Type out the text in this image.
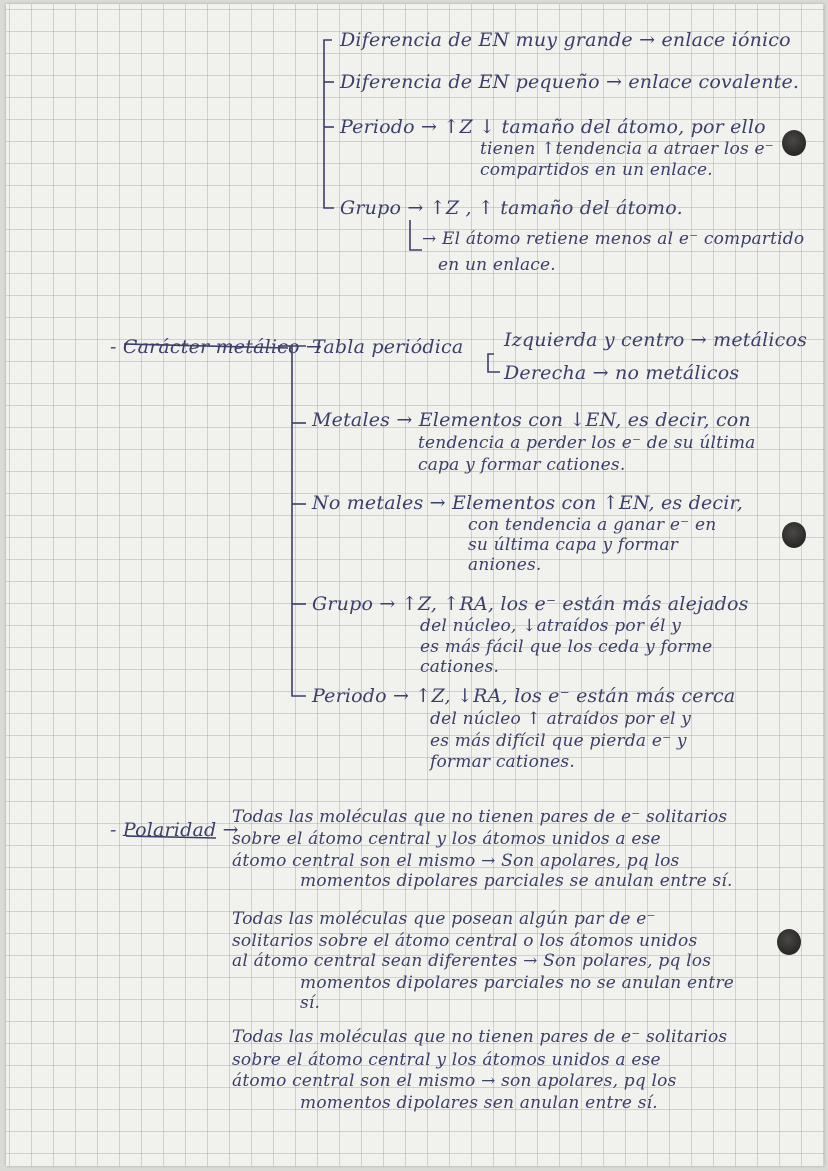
Diferencia de EN muy grande → enlace iónico
Diferencia de EN pequeño → enlace covalente.
Periodo → ↑Z ↓ tamaño del átomo, por ello
tienen ↑tendencia a atraer los e⁻
compartidos en un enlace.
Grupo → ↑Z , ↑ tamaño del átomo.
→ El átomo retiene menos al e⁻ compartido
en un enlace.
- Carácter metálico →
Tabla periódica Izquierda y centro → metálicos
Derecha → no metálicos
Metales → Elementos con ↓EN, es decir, con
tendencia a perder los e⁻ de su última
capa y formar cationes.
No metales → Elementos con ↑EN, es decir,
con tendencia a ganar e⁻ en
su última capa y formar
aniones.
Grupo → ↑Z, ↑RA, los e⁻ están más alejados
del núcleo, ↓atraídos por él y
es más fácil que los ceda y forme
cationes.
Periodo → ↑Z, ↓RA, los e⁻ están más cerca
del núcleo ↑ atraídos por el y
es más difícil que pierda e⁻ y
formar cationes.
- Polaridad →
Todas las moléculas que no tienen pares de e⁻ solitarios
sobre el átomo central y los átomos unidos a ese
átomo central son el mismo → Son apolares, pq los
momentos dipolares parciales se anulan entre sí.
Todas las moléculas que posean algún par de e⁻
solitarios sobre el átomo central o los átomos unidos
al átomo central sean diferentes → Son polares, pq los
momentos dipolares parciales no se anulan entre
sí.
Todas las moléculas que no tienen pares de e⁻ solitarios
sobre el átomo central y los átomos unidos a ese
átomo central son el mismo → son apolares, pq los
momentos dipolares sen anulan entre sí.
